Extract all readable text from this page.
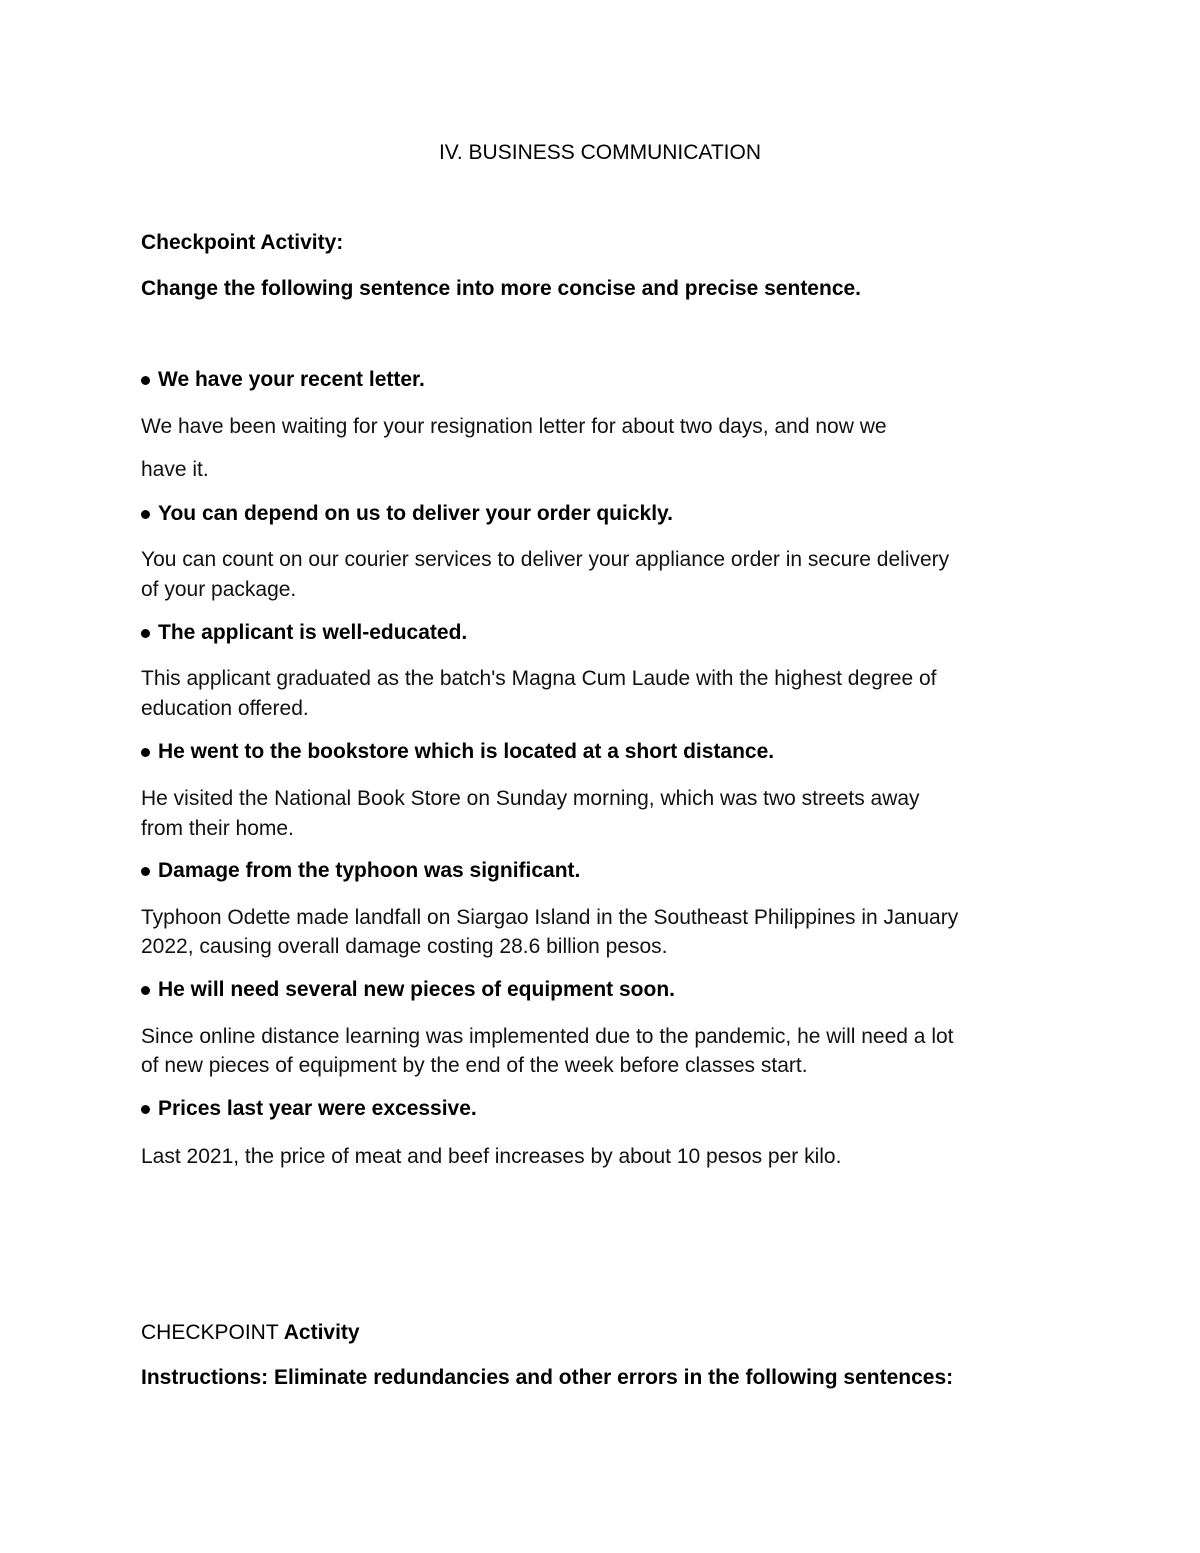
IV. BUSINESS COMMUNICATION

Checkpoint Activity:

Change the following sentence into more concise and precise sentence.

We have your recent letter.

We have been waiting for your resignation letter for about two days, and now we

have it.

You can depend on us to deliver your order quickly.

You can count on our courier services to deliver your appliance order in secure delivery

of your package.

The applicant is well-educated.

This applicant graduated as the batch's Magna Cum Laude with the highest degree of

education offered.

He went to the bookstore which is located at a short distance.

He visited the National Book Store on Sunday morning, which was two streets away

from their home.

Damage from the typhoon was significant.

Typhoon Odette made landfall on Siargao Island in the Southeast Philippines in January

2022, causing overall damage costing 28.6 billion pesos.

He will need several new pieces of equipment soon.

Since online distance learning was implemented due to the pandemic, he will need a lot

of new pieces of equipment by the end of the week before classes start.

Prices last year were excessive.

Last 2021, the price of meat and beef increases by about 10 pesos per kilo.

CHECKPOINT Activity

Instructions: Eliminate redundancies and other errors in the following sentences:
